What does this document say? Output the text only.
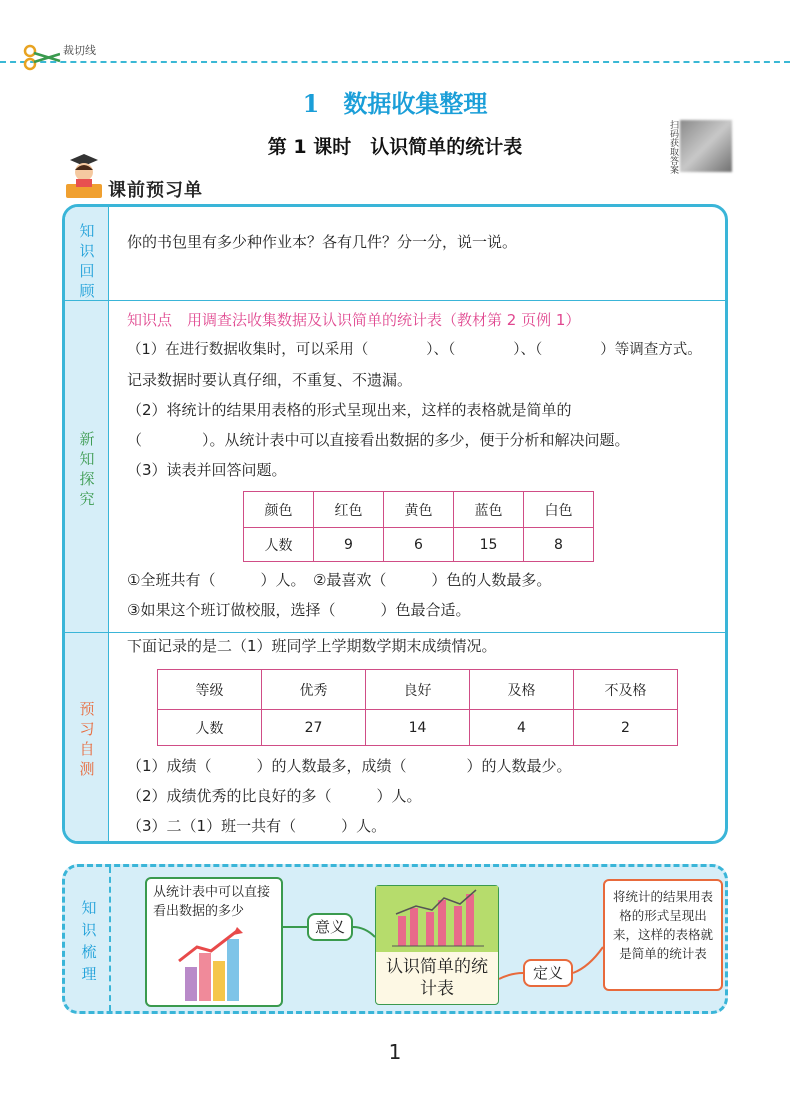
裁切线
1　数据收集整理
第 1 课时　认识简单的统计表	扫码获取答案
课前预习单
知识回顾
你的书包里有多少种作业本？各有几件？分一分，说一说。
新知探究
知识点　 用调查法收集数据及认识简单的统计表（教材第 2 页例 1）
（1）在进行数据收集时，可以采用（　　　　）、（　　　　）、（　　　　）等调查方式。
记录数据时要认真仔细，不重复、不遗漏。
（2）将统计的结果用表格的形式呈现出来，这样的表格就是简单的
（　　　　）。从统计表中可以直接看出数据的多少，便于分析和解决问题。
（3）读表并回答问题。
颜色	红色	黄色	蓝色	白色
人数	9	6	15	8
①全班共有（　　　）人。　②最喜欢（　　　）色的人数最多。
③如果这个班订做校服，选择（　　　）色最合适。
预习自测
下面记录的是二（1）班同学上学期数学期末成绩情况。
等级	优秀	良好	及格	不及格
人数	27	14	4	2
（1）成绩（　　　）的人数最多，成绩（　　　　）的人数最少。
（2）成绩优秀的比良好的多（　　　）人。
（3）二（1）班一共有（　　　）人。
知识梳理
从统计表中可以直接看出数据的多少
意义
认识简单的统计表
定义
将统计的结果用表格的形式呈现出来，这样的表格就是简单的统计表
1
